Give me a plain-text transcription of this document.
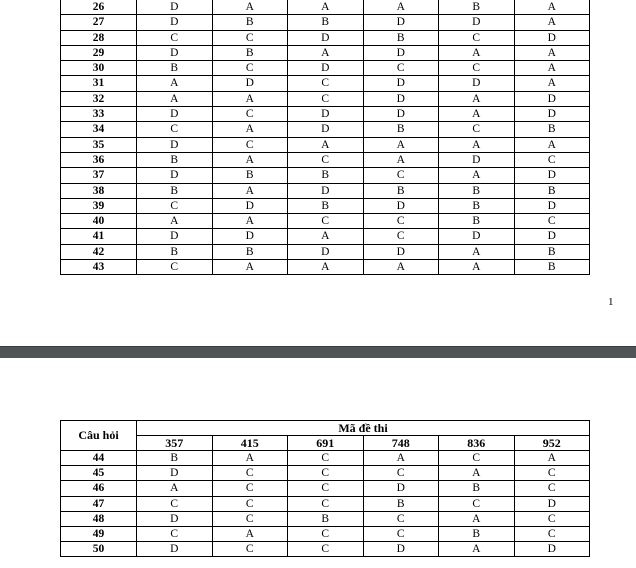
26	D	A	A	A	B	A
27	D	B	B	D	D	A
28	C	C	D	B	C	D
29	D	B	A	D	A	A
30	B	C	D	C	C	A
31	A	D	C	D	D	A
32	A	A	C	D	A	D
33	D	C	D	D	A	D
34	C	A	D	B	C	B
35	D	C	A	A	A	A
36	B	A	C	A	D	C
37	D	B	B	C	A	D
38	B	A	D	B	B	B
39	C	D	B	D	B	D
40	A	A	C	C	B	C
41	D	D	A	C	D	D
42	B	B	D	D	A	B
43	C	A	A	A	A	B
1
Câu hỏi	Mã đề thi					
	357	415	691	748	836	952
44	B	A	C	A	C	A
45	D	C	C	C	A	C
46	A	C	C	D	B	C
47	C	C	C	B	C	D
48	D	C	B	C	A	C
49	C	A	C	C	B	C
50	D	C	C	D	A	D
